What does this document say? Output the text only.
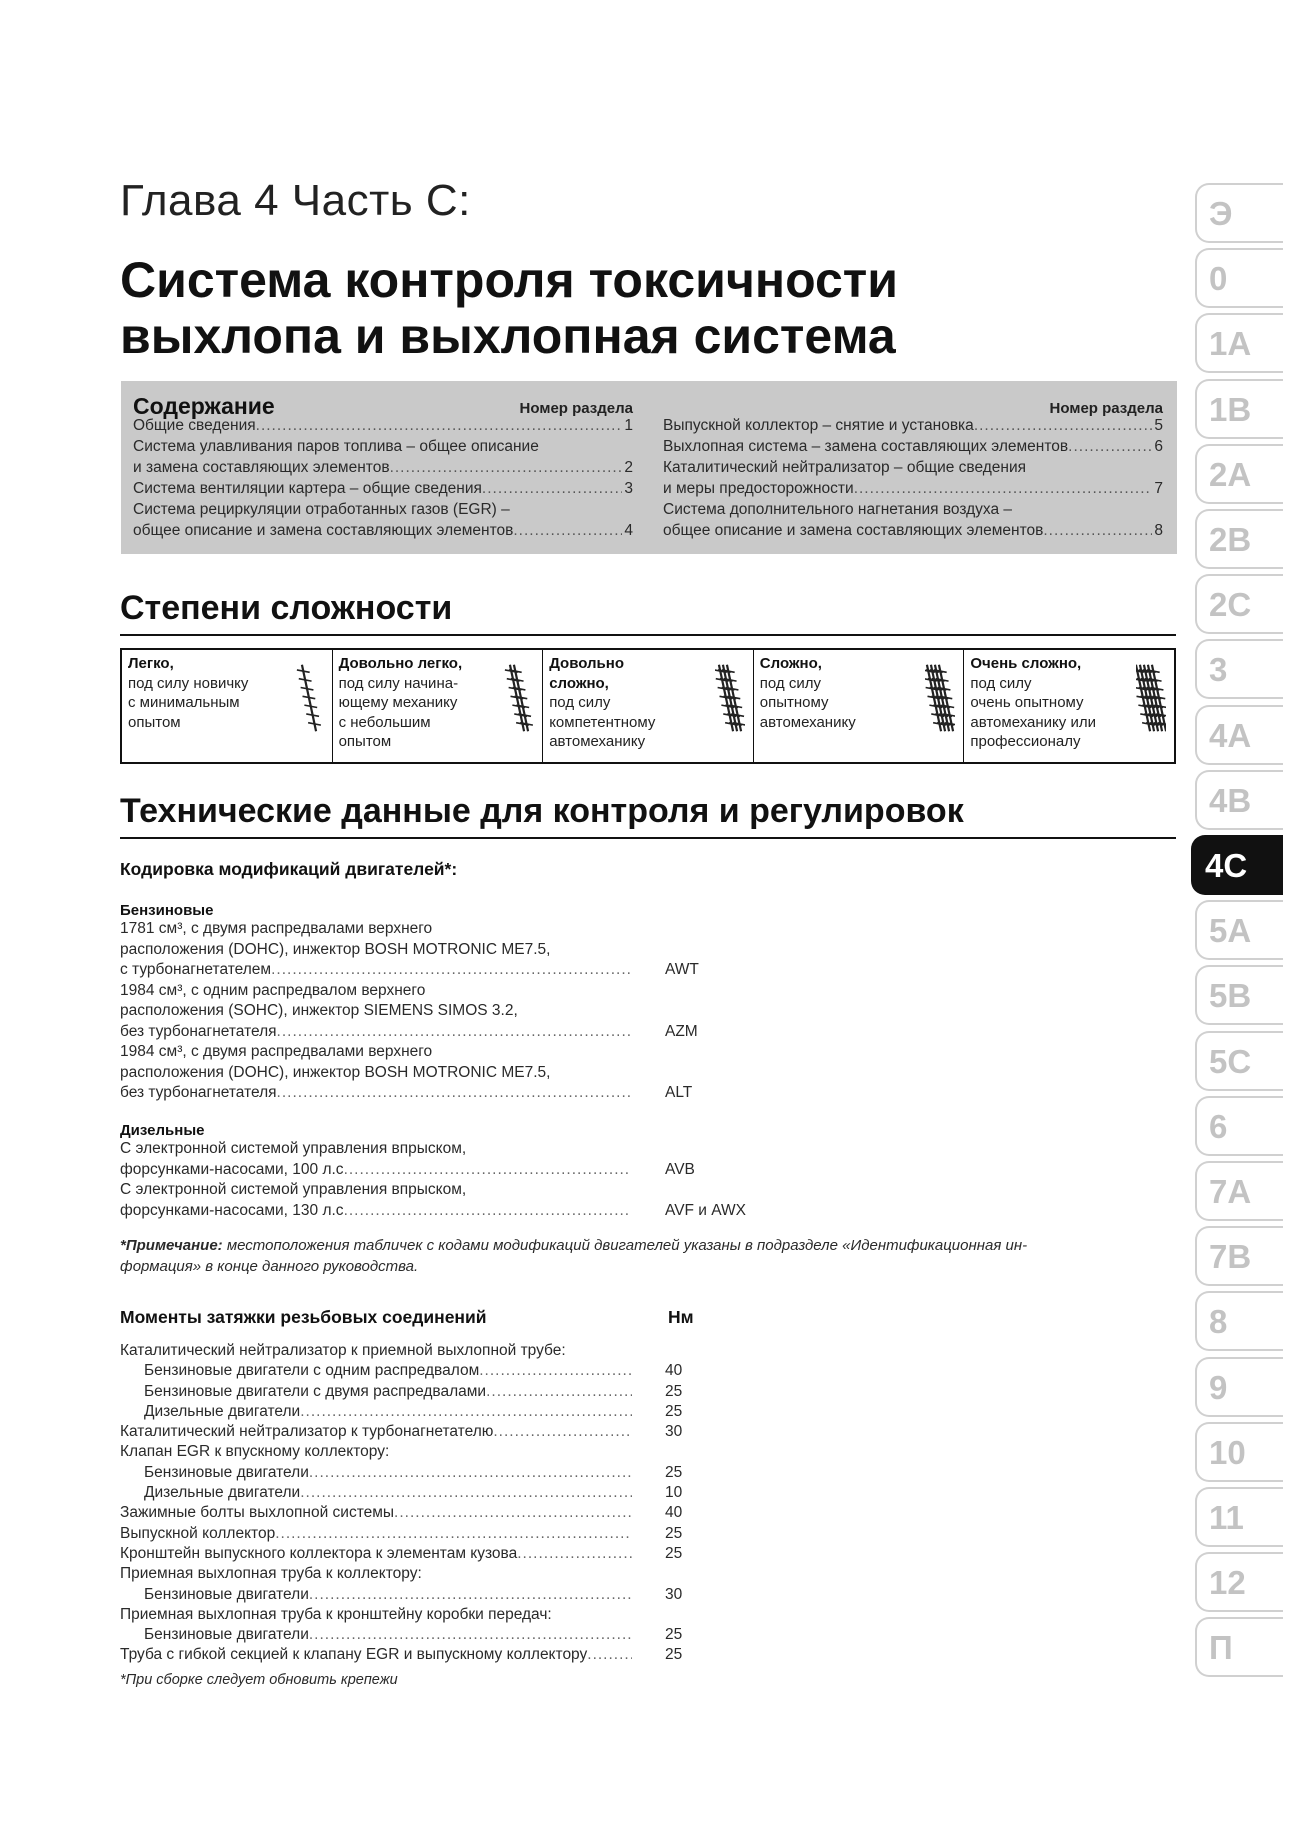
Глава 4 Часть С:
Система контроля токсичности
выхлопа и выхлопная система
Содержание	Номер раздела
Общие сведения .....	1
Система улавливания паров топлива – общее описание
и замена составляющих элементов .....	2
Система вентиляции картера – общие сведения .....	3
Система рециркуляции отработанных газов (EGR) –
общее описание и замена составляющих элементов .....	4
Номер раздела
Выпускной коллектор – снятие и установка .....	5
Выхлопная система – замена составляющих элементов .....	6
Каталитический нейтрализатор – общие сведения
и меры предосторожности .....	7
Система дополнительного нагнетания воздуха –
общее описание и замена составляющих элементов .....	8
Степени сложности
Легко,
под силу новичку
с минимальным
опытом
Довольно легко,
под силу начина-
ющему механику
с небольшим
опытом
Довольно
сложно,
под силу
компетентному
автомеханику
Сложно,
под силу
опытному
автомеханику
Очень сложно,
под силу
очень опытному
автомеханику или
профессионалу
Технические данные для контроля и регулировок
Кодировка модификаций двигателей*:
Бензиновые
1781 см³, с двумя распредвалами верхнего
расположения (DOHC), инжектор BOSH MOTRONIC ME7.5,
с турбонагнетателем .....	AWT
1984 см³, с одним распредвалом верхнего
расположения (SOHC), инжектор SIEMENS SIMOS 3.2,
без турбонагнетателя .....	AZM
1984 см³, с двумя распредвалами верхнего
расположения (DOHC), инжектор BOSH MOTRONIC ME7.5,
без турбонагнетателя .....	ALT
Дизельные
С электронной системой управления впрыском,
форсунками-насосами, 100 л.с .....	AVB
С электронной системой управления впрыском,
форсунками-насосами, 130 л.с .....	AVF и AWX
*Примечание: местоположения табличек с кодами модификаций двигателей указаны в подразделе «Идентификационная ин-
формация» в конце данного руководства.
Моменты затяжки резьбовых соединений	Нм
Каталитический нейтрализатор к приемной выхлопной трубе:
Бензиновые двигатели с одним распредвалом .....	40
Бензиновые двигатели с двумя распредвалами .....	25
Дизельные двигатели .....	25
Каталитический нейтрализатор к турбонагнетателю .....	30
Клапан EGR к впускному коллектору:
Бензиновые двигатели .....	25
Дизельные двигатели .....	10
Зажимные болты выхлопной системы .....	40
Выпускной коллектор .....	25
Кронштейн выпускного коллектора к элементам кузова .....	25
Приемная выхлопная труба к коллектору:
Бензиновые двигатели .....	30
Приемная выхлопная труба к кронштейну коробки передач:
Бензиновые двигатели .....	25
Труба с гибкой секцией к клапану EGR и выпускному коллектору .....	25
*При сборке следует обновить крепежи
Э
0
1А
1В
2А
2В
2С
3
4А
4В
4С
5А
5В
5С
6
7А
7В
8
9
10
11
12
П
